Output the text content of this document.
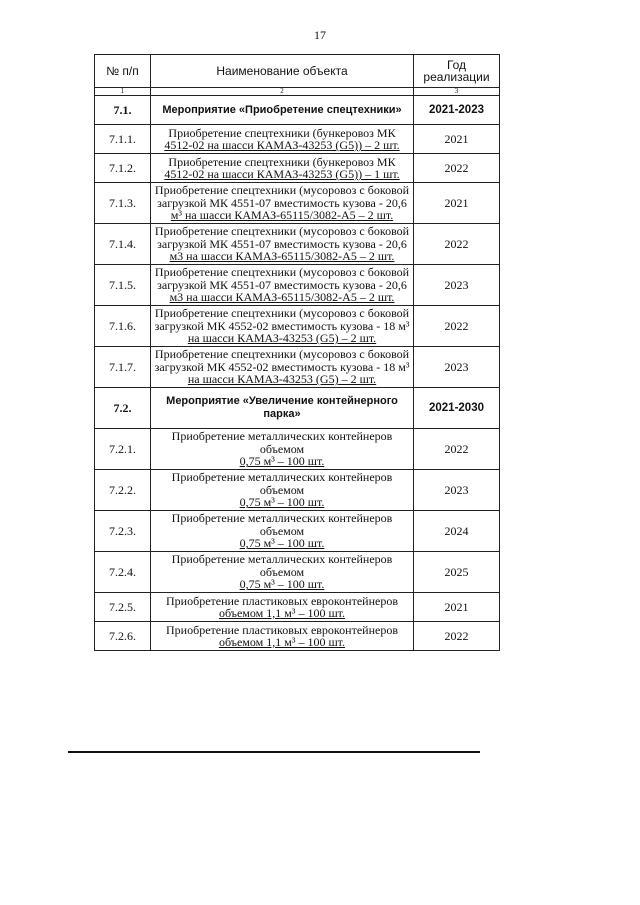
17
№ п/п	Наименование объекта	Год реализации
1	2	3
7.1.	Мероприятие «Приобретение спецтехники»	2021-2023
7.1.1.	Приобретение спецтехники (бункеровоз МК
4512-02 на шасси КАМАЗ-43253 (G5)) – 2 шт.	2021
7.1.2.	Приобретение спецтехники (бункеровоз МК
4512-02 на шасси КАМАЗ-43253 (G5)) – 1 шт.	2022
7.1.3.	Приобретение спецтехники (мусоровоз с боковой
загрузкой МК 4551-07 вместимость кузова - 20,6
м³ на шасси КАМАЗ-65115/3082-А5 – 2 шт.	2021
7.1.4.	Приобретение спецтехники (мусоровоз с боковой
загрузкой МК 4551-07 вместимость кузова - 20,6
м3 на шасси КАМАЗ-65115/3082-А5 – 2 шт.	2022
7.1.5.	Приобретение спецтехники (мусоровоз с боковой
загрузкой МК 4551-07 вместимость кузова - 20,6
м3 на шасси КАМАЗ-65115/3082-А5 – 2 шт.	2023
7.1.6.	Приобретение спецтехники (мусоровоз с боковой
загрузкой МК 4552-02 вместимость кузова - 18 м³
на шасси КАМАЗ-43253 (G5) – 2 шт.	2022
7.1.7.	Приобретение спецтехники (мусоровоз с боковой
загрузкой МК 4552-02 вместимость кузова - 18 м³
на шасси КАМАЗ-43253 (G5) – 2 шт.	2023
7.2.	Мероприятие «Увеличение контейнерного
парка»	2021-2030
7.2.1.	Приобретение металлических контейнеров
объемом
0,75 м³ – 100 шт.	2022
7.2.2.	Приобретение металлических контейнеров
объемом
0,75 м³ – 100 шт.	2023
7.2.3.	Приобретение металлических контейнеров
объемом
0,75 м³ – 100 шт.	2024
7.2.4.	Приобретение металлических контейнеров
объемом
0,75 м³ – 100 шт.	2025
7.2.5.	Приобретение пластиковых евроконтейнеров
объемом 1,1 м³ – 100 шт.	2021
7.2.6.	Приобретение пластиковых евроконтейнеров
объемом 1,1 м³ – 100 шт.	2022
